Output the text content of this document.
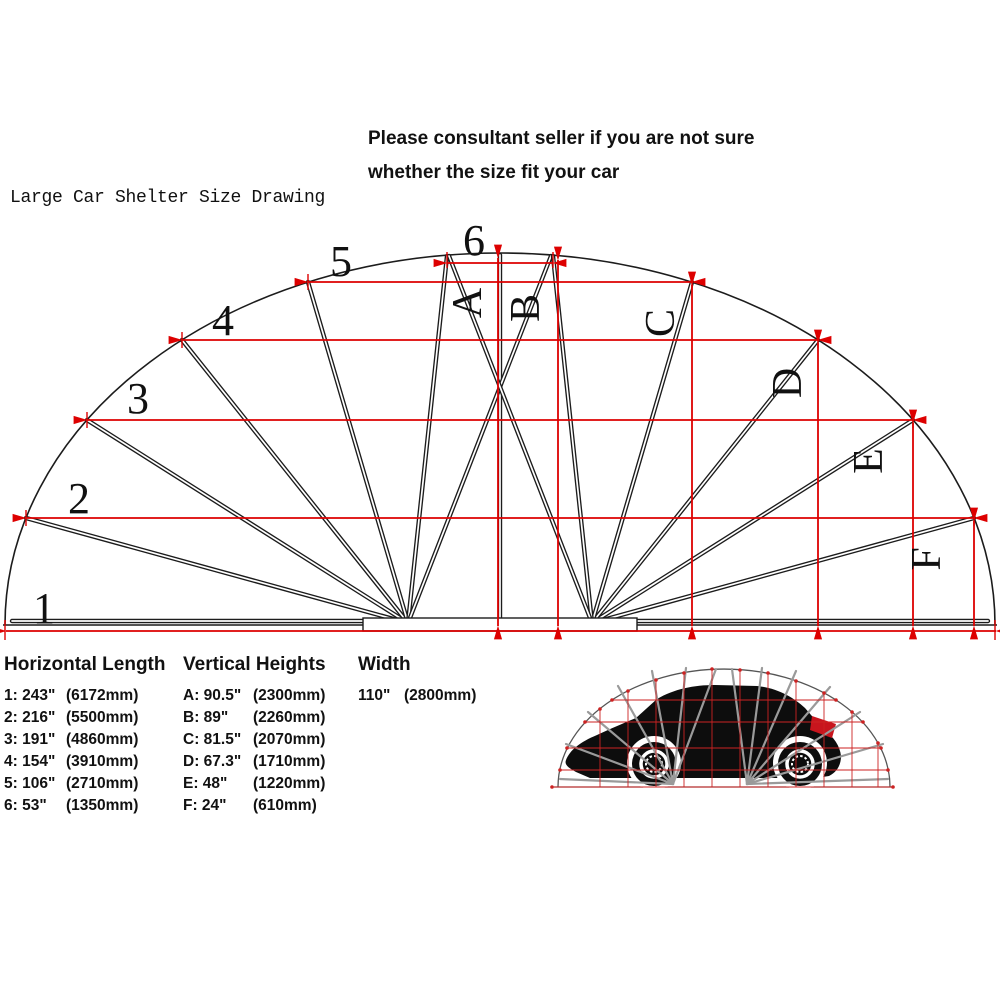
1
2
3
4
5	6
A B
C
D
E
F
Please consultant seller if you are not sure
whether the size fit your car
Large Car Shelter Size Drawing
Horizontal Length
1: 243" (6172mm)
2: 216" (5500mm)
3: 191" (4860mm)
4: 154" (3910mm)
5: 106" (2710mm)
6: 53"	(1350mm)
Vertical Heights
A: 90.5" (2300mm)
B: 89"	(2260mm)
C: 81.5" (2070mm)
D: 67.3" (1710mm)
E: 48"	(1220mm)
F: 24"	(610mm)
Width
110" (2800mm)
